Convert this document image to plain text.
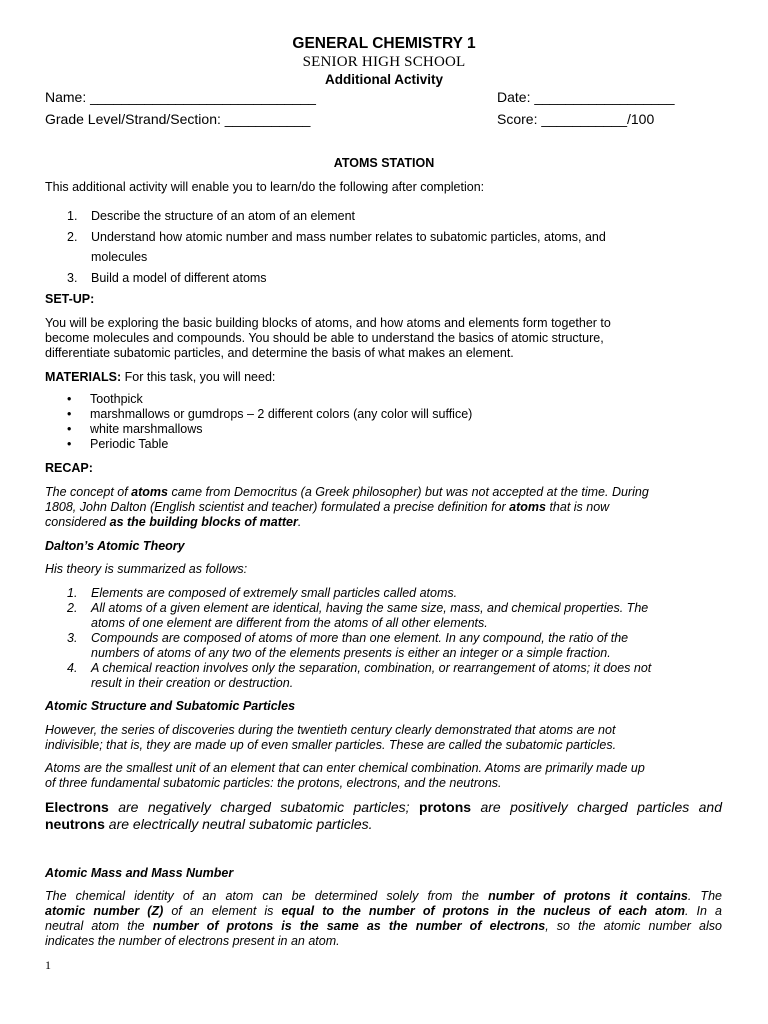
GENERAL CHEMISTRY 1
SENIOR HIGH SCHOOL
Additional Activity
Name: _____________________________	Date: __________________
Grade Level/Strand/Section: ___________	Score: ___________/100
ATOMS STATION
This additional activity will enable you to learn/do the following after completion:
1. Describe the structure of an atom of an element
2. Understand how atomic number and mass number relates to subatomic particles, atoms, and
molecules
3. Build a model of different atoms
SET-UP:
You will be exploring the basic building blocks of atoms, and how atoms and elements form together to
become molecules and compounds. You should be able to understand the basics of atomic structure,
differentiate subatomic particles, and determine the basis of what makes an element.
MATERIALS: For this task, you will need:
• Toothpick
• marshmallows or gumdrops – 2 different colors (any color will suffice)
• white marshmallows
• Periodic Table
RECAP:
The concept of atoms came from Democritus (a Greek philosopher) but was not accepted at the time. During
1808, John Dalton (English scientist and teacher) formulated a precise definition for atoms that is now
considered as the building blocks of matter.
Dalton’s Atomic Theory
His theory is summarized as follows:
1. Elements are composed of extremely small particles called atoms.
2. All atoms of a given element are identical, having the same size, mass, and chemical properties. The
atoms of one element are different from the atoms of all other elements.
3. Compounds are composed of atoms of more than one element. In any compound, the ratio of the
numbers of atoms of any two of the elements presents is either an integer or a simple fraction.
4. A chemical reaction involves only the separation, combination, or rearrangement of atoms; it does not
result in their creation or destruction.
Atomic Structure and Subatomic Particles
However, the series of discoveries during the twentieth century clearly demonstrated that atoms are not
indivisible; that is, they are made up of even smaller particles. These are called the subatomic particles.
Atoms are the smallest unit of an element that can enter chemical combination. Atoms are primarily made up
of three fundamental subatomic particles: the protons, electrons, and the neutrons.
Electrons are negatively charged subatomic particles; protons are positively charged particles and
neutrons are electrically neutral subatomic particles.
Atomic Mass and Mass Number
The chemical identity of an atom can be determined solely from the number of protons it contains. The
atomic number (Z) of an element is equal to the number of protons in the nucleus of each atom. In a
neutral atom the number of protons is the same as the number of electrons, so the atomic number also
indicates the number of electrons present in an atom.
1
